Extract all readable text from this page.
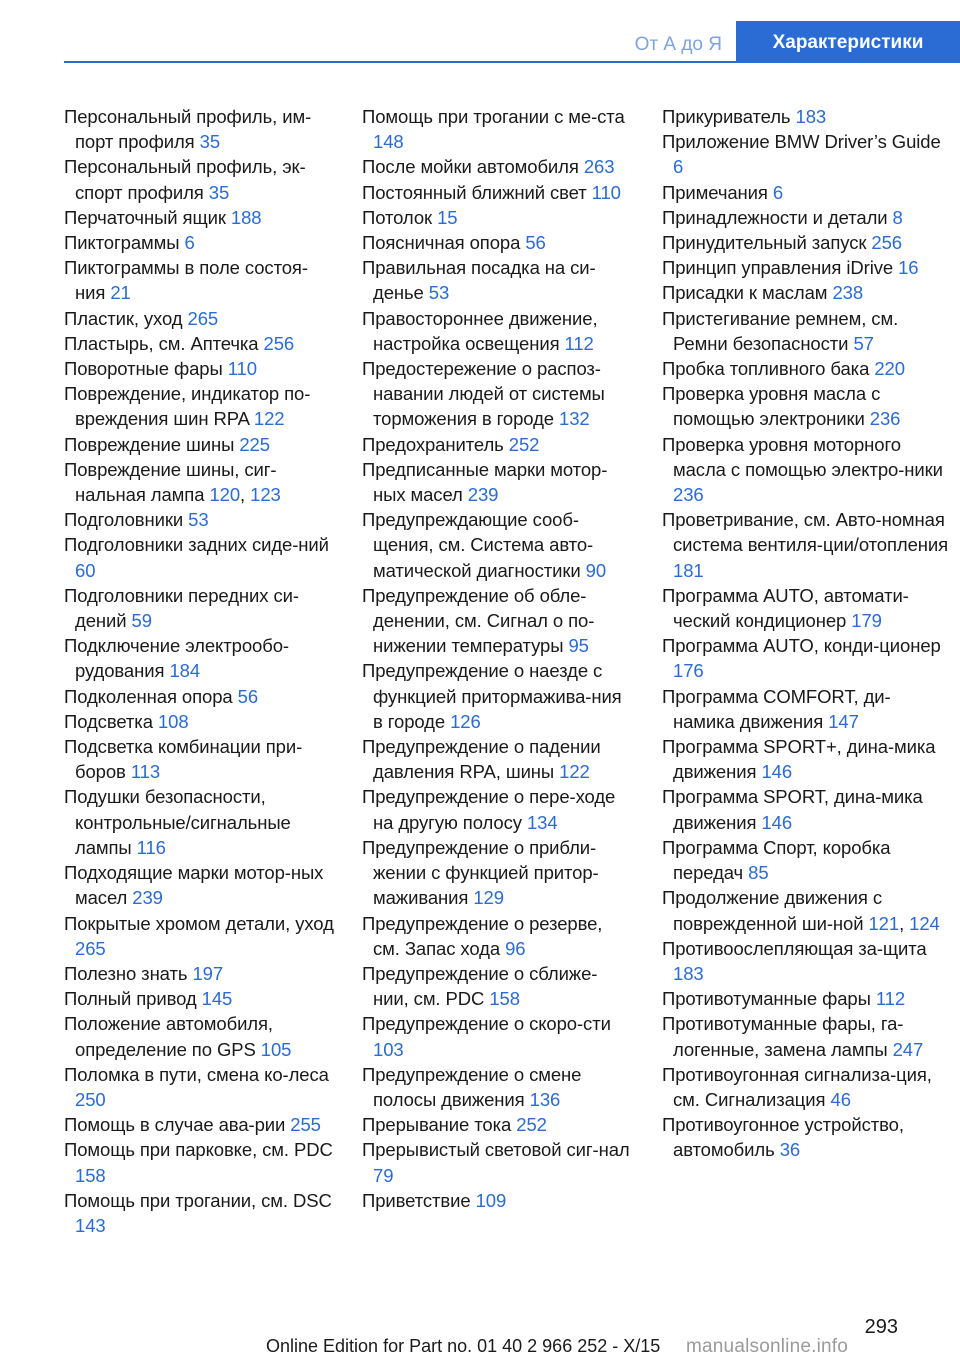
От А до Я	Характеристики
Персональный профиль, им-порт профиля 35
Персональный профиль, эк-спорт профиля 35
Перчаточный ящик 188
Пиктограммы 6
Пиктограммы в поле состоя-ния 21
Пластик, уход 265
Пластырь, см. Аптечка 256
Поворотные фары 110
Повреждение, индикатор по-вреждения шин RPA 122
Повреждение шины 225
Повреждение шины, сиг-нальная лампа 120, 123
Подголовники 53
Подголовники задних сиде-ний 60
Подголовники передних си-дений 59
Подключение электрообо-рудования 184
Подколенная опора 56
Подсветка 108
Подсветка комбинации при-боров 113
Подушки безопасности, контрольные/сигнальные лампы 116
Подходящие марки мотор-ных масел 239
Покрытые хромом детали, уход 265
Полезно знать 197
Полный привод 145
Положение автомобиля, определение по GPS 105
Поломка в пути, смена ко-леса 250
Помощь в случае ава-рии 255
Помощь при парковке, см. PDC 158
Помощь при трогании, см. DSC 143
Помощь при трогании с ме-ста 148
После мойки автомобиля 263
Постоянный ближний свет 110
Потолок 15
Поясничная опора 56
Правильная посадка на си-денье 53
Правостороннее движение, настройка освещения 112
Предостережение о распоз-навании людей от системы торможения в городе 132
Предохранитель 252
Предписанные марки мотор-ных масел 239
Предупреждающие сооб-щения, см. Система авто-матической диагностики 90
Предупреждение об обле-денении, см. Сигнал о по-нижении температуры 95
Предупреждение о наезде с функцией притормажива-ния в городе 126
Предупреждение о падении давления RPA, шины 122
Предупреждение о пере-ходе на другую полосу 134
Предупреждение о прибли-жении с функцией притор-маживания 129
Предупреждение о резерве, см. Запас хода 96
Предупреждение о сближе-нии, см. PDC 158
Предупреждение о скоро-сти 103
Предупреждение о смене полосы движения 136
Прерывание тока 252
Прерывистый световой сиг-нал 79
Приветствие 109
Прикуриватель 183
Приложение BMW Driver’s Guide 6
Примечания 6
Принадлежности и детали 8
Принудительный запуск 256
Принцип управления iDrive 16
Присадки к маслам 238
Пристегивание ремнем, см. Ремни безопасности 57
Пробка топливного бака 220
Проверка уровня масла с помощью электроники 236
Проверка уровня моторного масла с помощью электро-ники 236
Проветривание, см. Авто-номная система вентиля-ции/отопления 181
Программа AUTO, автомати-ческий кондиционер 179
Программа AUTO, конди-ционер 176
Программа COMFORT, ди-намика движения 147
Программа SPORT+, дина-мика движения 146
Программа SPORT, дина-мика движения 146
Программа Спорт, коробка передач 85
Продолжение движения с поврежденной ши-ной 121, 124
Противоослепляющая за-щита 183
Противотуманные фары 112
Противотуманные фары, га-логенные, замена лампы 247
Противоугонная сигнализа-ция, см. Сигнализация 46
Противоугонное устройство, автомобиль 36
293
Online Edition for Part no. 01 40 2 966 252 - X/15 manualsonline.info
